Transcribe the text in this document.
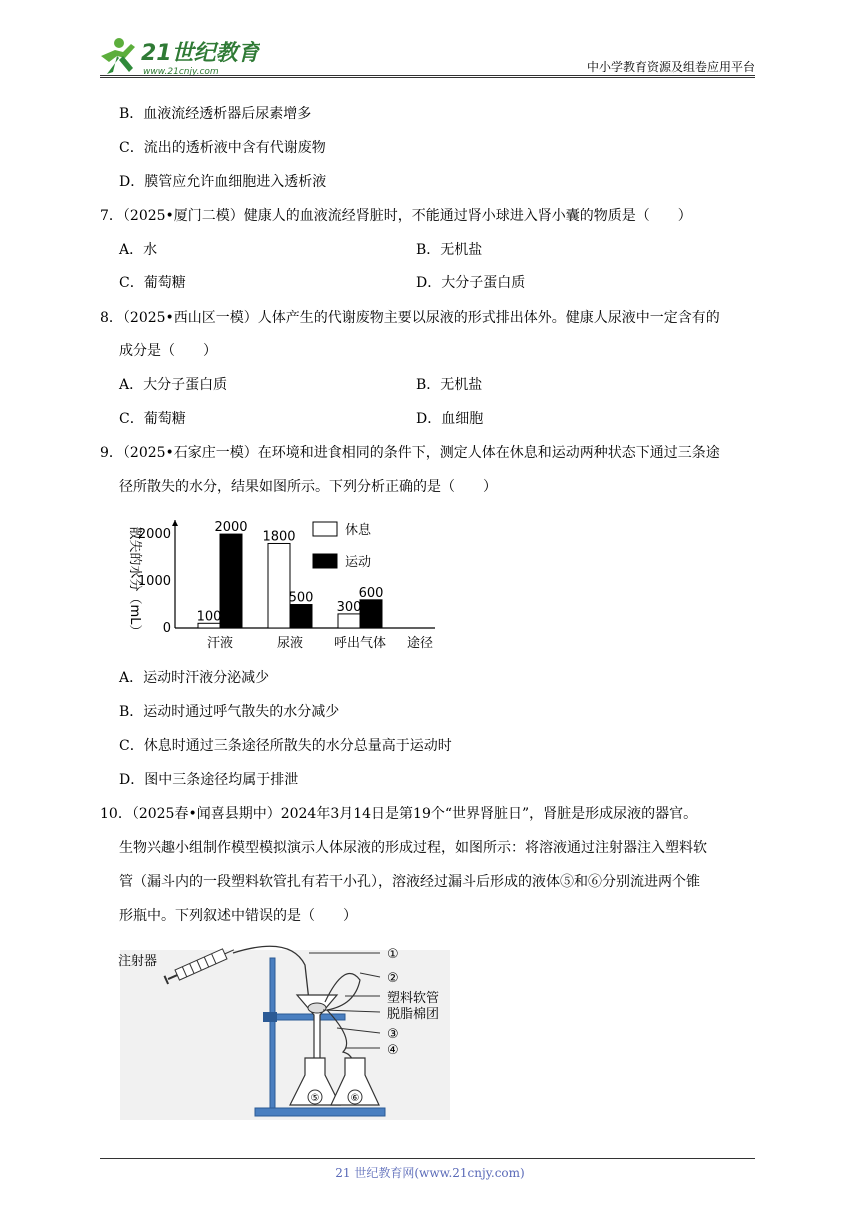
21世纪教育
www.21cnjy.com	中小学教育资源及组卷应用平台
B．血液流经透析器后尿素增多
C．流出的透析液中含有代谢废物
D．膜管应允许血细胞进入透析液
7．（2025•厦门二模）健康人的血液流经肾脏时，不能通过肾小球进入肾小囊的物质是（　　）
A．水	B．无机盐
C．葡萄糖	D．大分子蛋白质
8．（2025•西山区一模）人体产生的代谢废物主要以尿液的形式排出体外。健康人尿液中一定含有的
成分是（　　）
A．大分子蛋白质	B．无机盐
C．葡萄糖	D．血细胞
9．（2025•石家庄一模）在环境和进食相同的条件下，测定人体在休息和运动两种状态下通过三条途
径所散失的水分，结果如图所示。下列分析正确的是（　　）
散失的水分（mL） 0
1000
2000
途径
100
2000
汗液
1800
500
尿液
300
600
呼出气体
休息
运动
A．运动时汗液分泌减少
B．运动时通过呼气散失的水分减少
C．休息时通过三条途径所散失的水分总量高于运动时
D．图中三条途径均属于排泄
10．（2025春•闻喜县期中）2024年3月14日是第19个“世界肾脏日”，肾脏是形成尿液的器官。
生物兴趣小组制作模型模拟演示人体尿液的形成过程，如图所示：将溶液通过注射器注入塑料软
管（漏斗内的一段塑料软管扎有若干小孔），溶液经过漏斗后形成的液体⑤和⑥分别流进两个锥
形瓶中。下列叙述中错误的是（　　）
注射器
⑤	⑥
①
②
塑料软管
脱脂棉团
③
④
21 世纪教育网(www.21cnjy.com)
